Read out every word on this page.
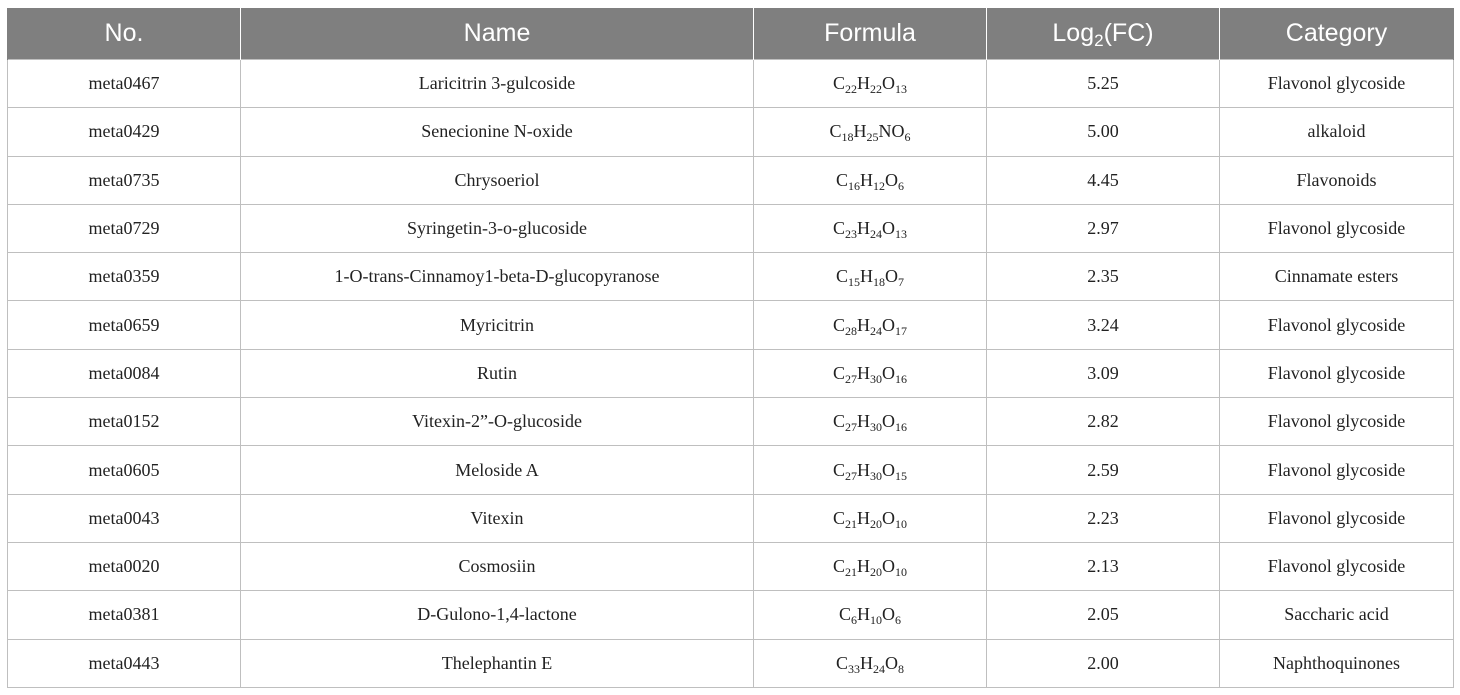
No.	Name	Formula	Log$_2$(FC)	Category
meta0467	Laricitrin 3-gulcoside	$C_{22}H_{22}O_{13}$	5.25	Flavonol glycoside
meta0429	Senecionine N-oxide	$C_{18}H_{25}NO_6$	5.00	alkaloid
meta0735	Chrysoeriol	$C_{16}H_{12}O_6$	4.45	Flavonoids
meta0729	Syringetin-3-o-glucoside	$C_{23}H_{24}O_{13}$	2.97	Flavonol glycoside
meta0359	1-O-trans-Cinnamoy1-beta-D-glucopyranose	$C_{15}H_{18}O_7$	2.35	Cinnamate esters
meta0659	Myricitrin	$C_{28}H_{24}O_{17}$	3.24	Flavonol glycoside
meta0084	Rutin	$C_{27}H_{30}O_{16}$	3.09	Flavonol glycoside
meta0152	Vitexin-2”-O-glucoside	$C_{27}H_{30}O_{16}$	2.82	Flavonol glycoside
meta0605	Meloside A	$C_{27}H_{30}O_{15}$	2.59	Flavonol glycoside
meta0043	Vitexin	$C_{21}H_{20}O_{10}$	2.23	Flavonol glycoside
meta0020	Cosmosiin	$C_{21}H_{20}O_{10}$	2.13	Flavonol glycoside
meta0381	D-Gulono-1,4-lactone	$C_6H_{10}O_6$	2.05	Saccharic acid
meta0443	Thelephantin E	$C_{33}H_{24}O_8$	2.00	Naphthoquinones
